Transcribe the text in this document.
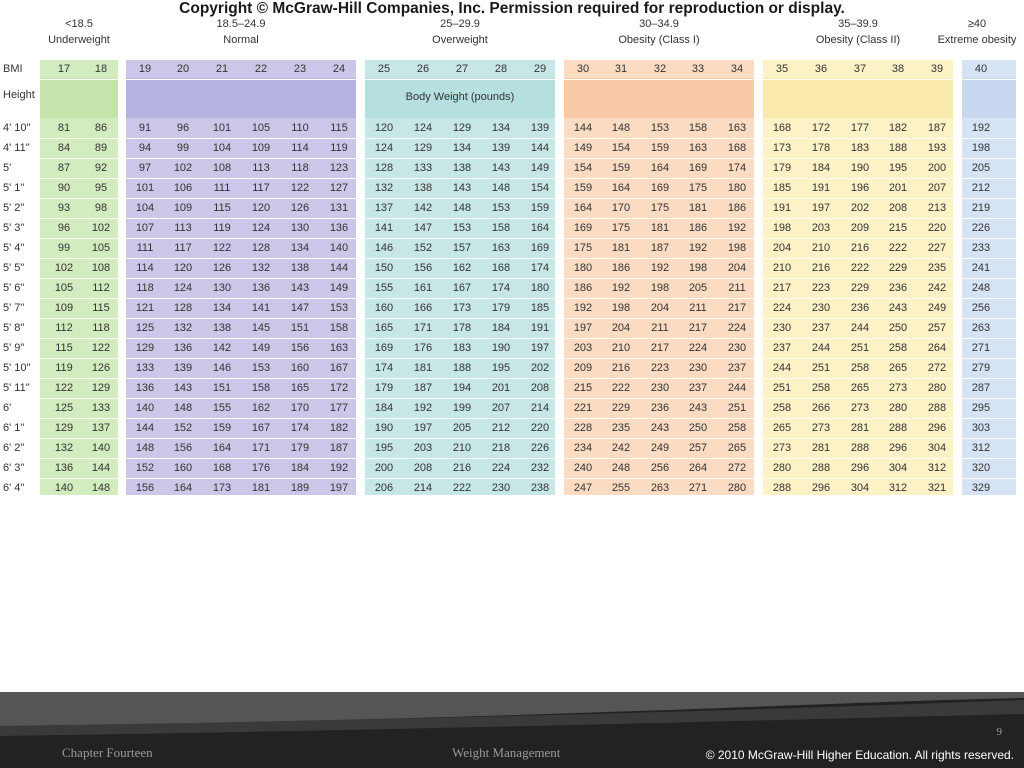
Copyright © McGraw-Hill Companies, Inc. Permission required for reproduction or display.
<18.5
Underweight
18.5–24.9
Normal
25–29.9
Overweight
30–34.9
Obesity (Class I)
35–39.9
Obesity (Class II)
≥40
Extreme obesity
Height	Body Weight (pounds)
BMI	17	18	19	20	21	22	23	24	25	26	27	28	29	30	31	32	33	34	35	36	37	38	39	40
4' 10"	81	86	91	96	101	105	110	115	120	124	129	134	139	144	148	153	158	163	168	172	177	182	187	192
4' 11"	84	89	94	99	104	109	114	119	124	129	134	139	144	149	154	159	163	168	173	178	183	188	193	198
5'	87	92	97	102	108	113	118	123	128	133	138	143	149	154	159	164	169	174	179	184	190	195	200	205
5' 1"	90	95	101	106	111	117	122	127	132	138	143	148	154	159	164	169	175	180	185	191	196	201	207	212
5' 2"	93	98	104	109	115	120	126	131	137	142	148	153	159	164	170	175	181	186	191	197	202	208	213	219
5' 3"	96	102	107	113	119	124	130	136	141	147	153	158	164	169	175	181	186	192	198	203	209	215	220	226
5' 4"	99	105	111	117	122	128	134	140	146	152	157	163	169	175	181	187	192	198	204	210	216	222	227	233
5' 5"	102	108	114	120	126	132	138	144	150	156	162	168	174	180	186	192	198	204	210	216	222	229	235	241
5' 6"	105	112	118	124	130	136	143	149	155	161	167	174	180	186	192	198	205	211	217	223	229	236	242	248
5' 7"	109	115	121	128	134	141	147	153	160	166	173	179	185	192	198	204	211	217	224	230	236	243	249	256
5' 8"	112	118	125	132	138	145	151	158	165	171	178	184	191	197	204	211	217	224	230	237	244	250	257	263
5' 9"	115	122	129	136	142	149	156	163	169	176	183	190	197	203	210	217	224	230	237	244	251	258	264	271
5' 10"	119	126	133	139	146	153	160	167	174	181	188	195	202	209	216	223	230	237	244	251	258	265	272	279
5' 11"	122	129	136	143	151	158	165	172	179	187	194	201	208	215	222	230	237	244	251	258	265	273	280	287
6'	125	133	140	148	155	162	170	177	184	192	199	207	214	221	229	236	243	251	258	266	273	280	288	295
6' 1"	129	137	144	152	159	167	174	182	190	197	205	212	220	228	235	243	250	258	265	273	281	288	296	303
6' 2"	132	140	148	156	164	171	179	187	195	203	210	218	226	234	242	249	257	265	273	281	288	296	304	312
6' 3"	136	144	152	160	168	176	184	192	200	208	216	224	232	240	248	256	264	272	280	288	296	304	312	320
6' 4"	140	148	156	164	173	181	189	197	206	214	222	230	238	247	255	263	271	280	288	296	304	312	321	329
9
Chapter Fourteen	Weight Management	© 2010 McGraw-Hill Higher Education. All rights reserved.
